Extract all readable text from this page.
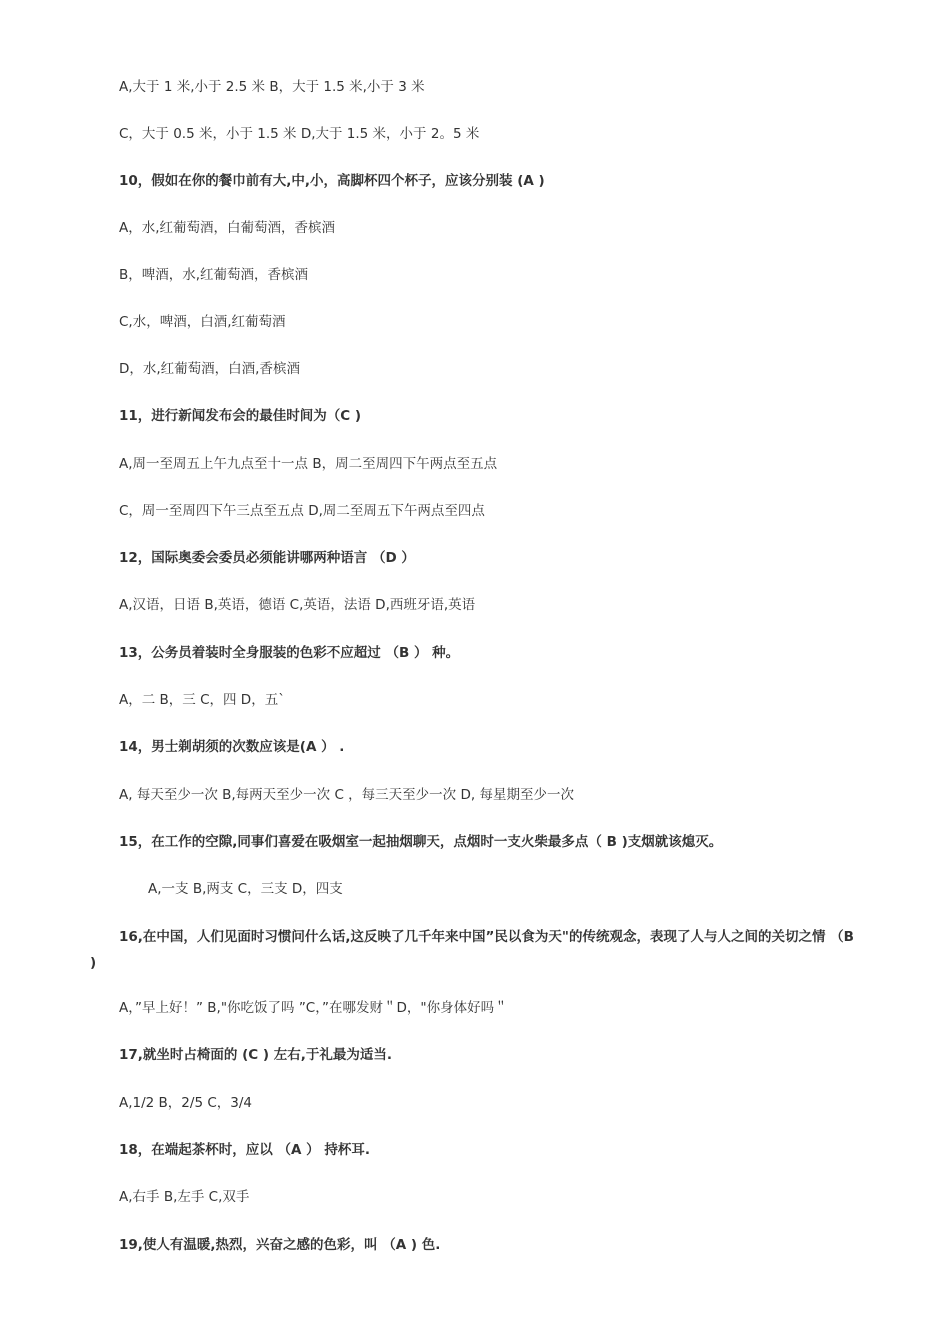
A,大于 1 米,小于 2.5 米 B，大于 1.5 米,小于 3 米
C，大于 0.5 米，小于 1.5 米 D,大于 1.5 米，小于 2。5 米
10，假如在你的餐巾前有大,中,小，高脚杯四个杯子，应该分别装 (A )
A，水,红葡萄酒，白葡萄酒，香槟酒
B，啤酒，水,红葡萄酒，香槟酒
C,水，啤酒，白酒,红葡萄酒
D，水,红葡萄酒，白酒,香槟酒
11，进行新闻发布会的最佳时间为（C )
A,周一至周五上午九点至十一点 B，周二至周四下午两点至五点
C，周一至周四下午三点至五点 D,周二至周五下午两点至四点
12，国际奥委会委员必须能讲哪两种语言 （D ）
A,汉语，日语 B,英语，德语 C,英语，法语 D,西班牙语,英语
13，公务员着装时全身服装的色彩不应超过 （B ） 种。
A，二 B，三 C，四 D，五`
14，男士剃胡须的次数应该是(A ） .
A, 每天至少一次 B,每两天至少一次 C ，每三天至少一次 D, 每星期至少一次
15，在工作的空隙,同事们喜爱在吸烟室一起抽烟聊天，点烟时一支火柴最多点（ B )支烟就该熄灭。
A,一支 B,两支 C，三支 D，四支
16,在中国，人们见面时习惯问什么话,这反映了几千年来中国”民以食为天"的传统观念，表现了人与人之间的关切之情 （B )
A，”早上好！” B,"你吃饭了吗 ”C，”在哪发财＂D，"你身体好吗＂
17,就坐时占椅面的 (C ) 左右,于礼最为适当.
A,1/2 B，2/5 C，3/4
18，在端起茶杯时，应以 （A ） 持杯耳.
A,右手 B,左手 C,双手
19,使人有温暖,热烈，兴奋之感的色彩，叫 （A ) 色.
